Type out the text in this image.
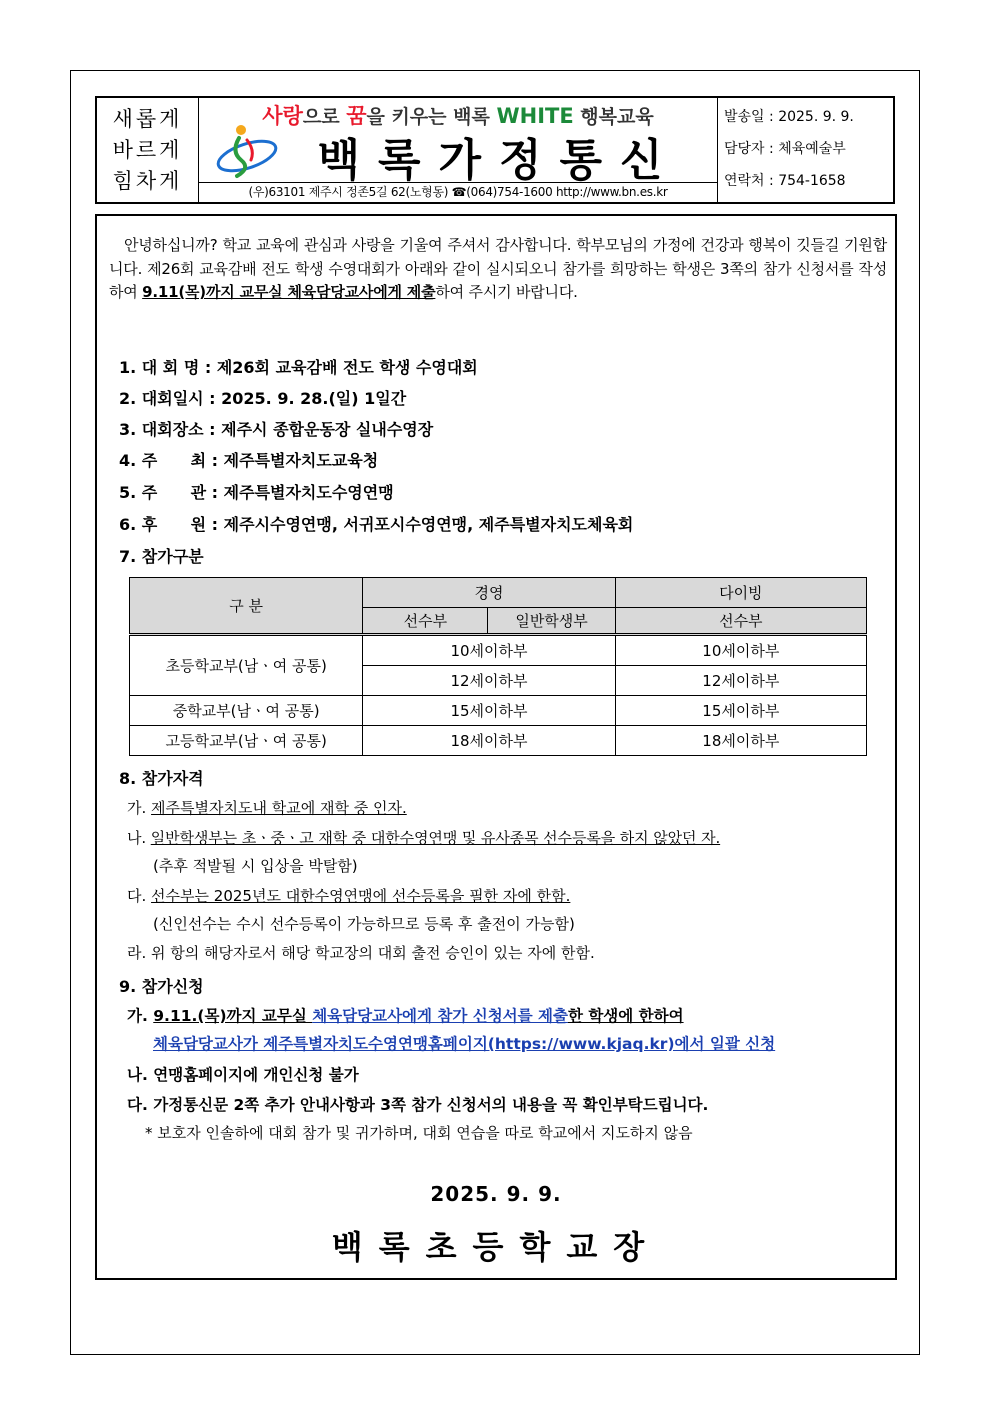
새롭게
바르게
힘차게
사랑으로 꿈을 키우는 백록 WHITE 행복교육
백록가정통신
(우)63101 제주시 정존5길 62(노형동) ☎(064)754-1600 http://www.bn.es.kr
발송일 : 2025. 9. 9.
담당자 : 체육예술부
연락처 : 754-1658
안녕하십니까? 학교 교육에 관심과 사랑을 기울여 주셔서 감사합니다. 학부모님의 가정에 건강과 행복이 깃들길 기원합니다. 제26회 교육감배 전도 학생 수영대회가 아래와 같이 실시되오니 참가를 희망하는 학생은 3쪽의 참가 신청서를 작성하여 9.11(목)까지 교무실 체육담당교사에게 제출하여 주시기 바랍니다.
1. 대 회 명 : 제26회 교육감배 전도 학생 수영대회
2. 대회일시 : 2025. 9. 28.(일) 1일간
3. 대회장소 : 제주시 종합운동장 실내수영장
4. 주      최 : 제주특별자치도교육청
5. 주      관 : 제주특별자치도수영연맹
6. 후      원 : 제주시수영연맹, 서귀포시수영연맹, 제주특별자치도체육회
7. 참가구분
구 분	경영		다이빙
	선수부	일반학생부	선수부
초등학교부(남ㆍ여 공통)	10세이하부		10세이하부
	12세이하부		12세이하부
중학교부(남ㆍ여 공통)	15세이하부		15세이하부
고등학교부(남ㆍ여 공통)	18세이하부		18세이하부
8. 참가자격
가. 제주특별자치도내 학교에 재학 중 인자.
나. 일반학생부는 초ㆍ중ㆍ고 재학 중 대한수영연맹 및 유사종목 선수등록을 하지 않았던 자.
(추후 적발될 시 입상을 박탈함)
다. 선수부는 2025년도 대한수영연맹에 선수등록을 필한 자에 한함.
(신인선수는 수시 선수등록이 가능하므로 등록 후 출전이 가능함)
라. 위 항의 해당자로서 해당 학교장의 대회 출전 승인이 있는 자에 한함.
9. 참가신청
가. 9.11.(목)까지 교무실 체육담당교사에게 참가 신청서를 제출한 학생에 한하여
체육담당교사가 제주특별자치도수영연맹홈페이지(https://www.kjaq.kr)에서 일괄 신청
나. 연맹홈페이지에 개인신청 불가
다. 가정통신문 2쪽 추가 안내사항과 3쪽 참가 신청서의 내용을 꼭 확인부탁드립니다.
* 보호자 인솔하에 대회 참가 및 귀가하며, 대회 연습을 따로 학교에서 지도하지 않음
2025. 9. 9.
백록초등학교장
